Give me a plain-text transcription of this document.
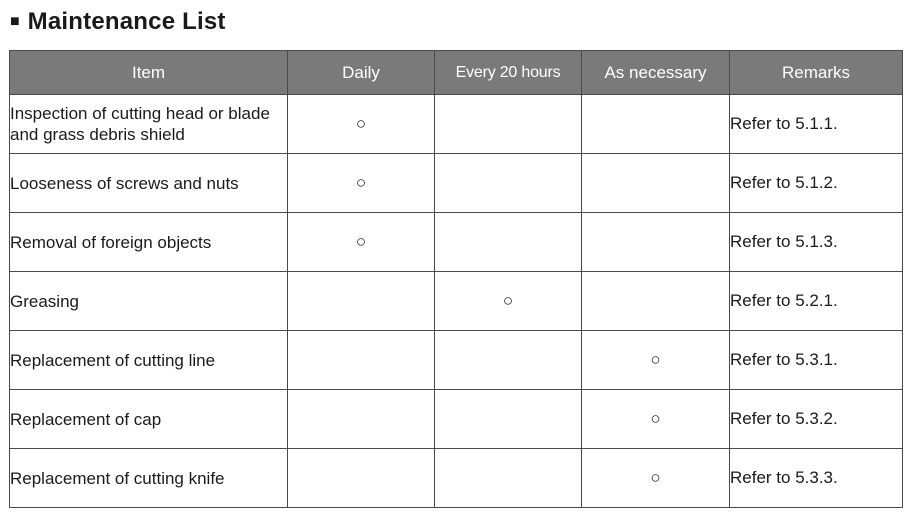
■ Maintenance List
Item	Daily	Every 20 hours	As necessary	Remarks
Inspection of cutting head or blade and grass debris shield	○			Refer to 5.1.1.
Looseness of screws and nuts	○			Refer to 5.1.2.
Removal of foreign objects	○			Refer to 5.1.3.
Greasing		○		Refer to 5.2.1.
Replacement of cutting line			○	Refer to 5.3.1.
Replacement of cap			○	Refer to 5.3.2.
Replacement of cutting knife			○	Refer to 5.3.3.
